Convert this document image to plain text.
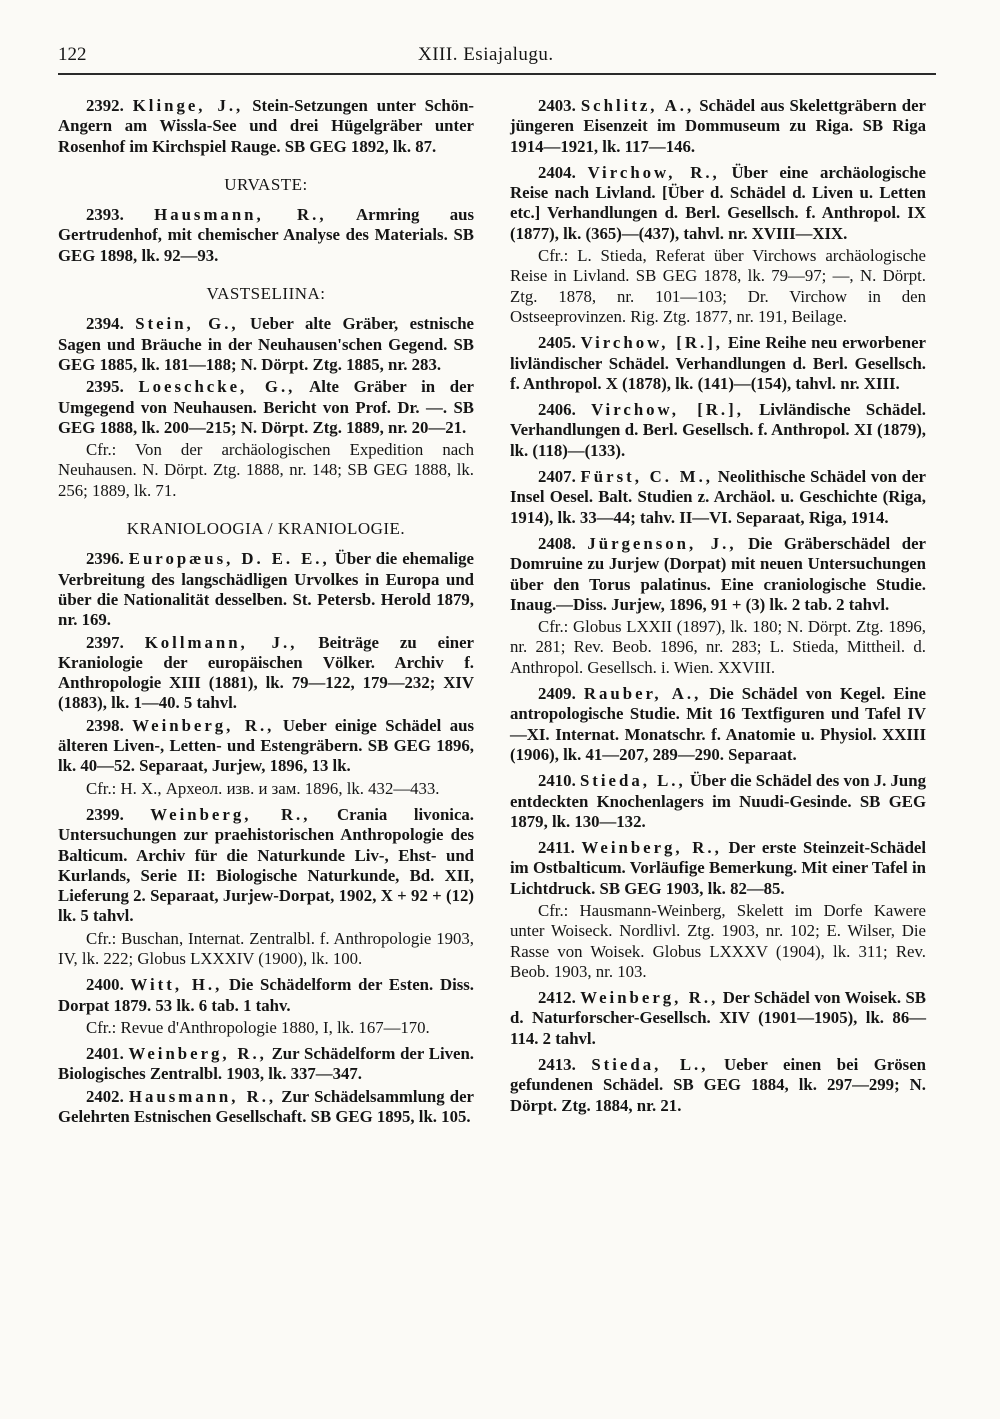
122	XIII. Esiajalugu.

2392. Klinge, J., Stein-Setzungen unter Schön-Angern am Wissla-See und drei Hügelgräber unter Rosenhof im Kirchspiel Rauge. SB GEG 1892, lk. 87.

URVASTE:

2393. Hausmann, R., Armring aus Gertrudenhof, mit chemischer Analyse des Materials. SB GEG 1898, lk. 92—93.

VASTSELIINA:

2394. Stein, G., Ueber alte Gräber, estnische Sagen und Bräuche in der Neuhausen'schen Gegend. SB GEG 1885, lk. 181—188; N. Dörpt. Ztg. 1885, nr. 283.

2395. Loeschcke, G., Alte Gräber in der Umgegend von Neuhausen. Bericht von Prof. Dr. —. SB GEG 1888, lk. 200—215; N. Dörpt. Ztg. 1889, nr. 20—21.

Cfr.: Von der archäologischen Expedition nach Neuhausen. N. Dörpt. Ztg. 1888, nr. 148; SB GEG 1888, lk. 256; 1889, lk. 71.

KRANIOLOOGIA / KRANIOLOGIE.

2396. Europæus, D. E. E., Über die ehemalige Verbreitung des langschädligen Urvolkes in Europa und über die Nationalität desselben. St. Petersb. Herold 1879, nr. 169.

2397. Kollmann, J., Beiträge zu einer Kraniologie der europäischen Völker. Archiv f. Anthropologie XIII (1881), lk. 79—122, 179—232; XIV (1883), lk. 1—40. 5 tahvl.

2398. Weinberg, R., Ueber einige Schädel aus älteren Liven-, Letten- und Estengräbern. SB GEG 1896, lk. 40—52. Separaat, Jurjew, 1896, 13 lk.

Cfr.: H. X., Археол. изв. и зам. 1896, lk. 432—433.

2399. Weinberg, R., Crania livonica. Untersuchungen zur praehistorischen Anthropologie des Balticum. Archiv für die Naturkunde Liv-, Ehst- und Kurlands, Serie II: Biologische Naturkunde, Bd. XII, Lieferung 2. Separaat, Jurjew-Dorpat, 1902, X + 92 + (12) lk. 5 tahvl.

Cfr.: Buschan, Internat. Zentralbl. f. Anthropologie 1903, IV, lk. 222; Globus LXXXIV (1900), lk. 100.

2400. Witt, H., Die Schädelform der Esten. Diss. Dorpat 1879. 53 lk. 6 tab. 1 tahv.

Cfr.: Revue d'Anthropologie 1880, I, lk. 167—170.

2401. Weinberg, R., Zur Schädelform der Liven. Biologisches Zentralbl. 1903, lk. 337—347.

2402. Hausmann, R., Zur Schädelsammlung der Gelehrten Estnischen Gesellschaft. SB GEG 1895, lk. 105.

2403. Schlitz, A., Schädel aus Skelettgräbern der jüngeren Eisenzeit im Dommuseum zu Riga. SB Riga 1914—1921, lk. 117—146.

2404. Virchow, R., Über eine archäologische Reise nach Livland. [Über d. Schädel d. Liven u. Letten etc.] Verhandlungen d. Berl. Gesellsch. f. Anthropol. IX (1877), lk. (365)—(437), tahvl. nr. XVIII—XIX.

Cfr.: L. Stieda, Referat über Virchows archäologische Reise in Livland. SB GEG 1878, lk. 79—97; —, N. Dörpt. Ztg. 1878, nr. 101—103; Dr. Virchow in den Ostseeprovinzen. Rig. Ztg. 1877, nr. 191, Beilage.

2405. Virchow, [R.], Eine Reihe neu erworbener livländischer Schädel. Verhandlungen d. Berl. Gesellsch. f. Anthropol. X (1878), lk. (141)—(154), tahvl. nr. XIII.

2406. Virchow, [R.], Livländische Schädel. Verhandlungen d. Berl. Gesellsch. f. Anthropol. XI (1879), lk. (118)—(133).

2407. Fürst, C. M., Neolithische Schädel von der Insel Oesel. Balt. Studien z. Archäol. u. Geschichte (Riga, 1914), lk. 33—44; tahv. II—VI. Separaat, Riga, 1914.

2408. Jürgenson, J., Die Gräberschädel der Domruine zu Jurjew (Dorpat) mit neuen Untersuchungen über den Torus palatinus. Eine craniologische Studie. Inaug.—Diss. Jurjew, 1896, 91 + (3) lk. 2 tab. 2 tahvl.

Cfr.: Globus LXXII (1897), lk. 180; N. Dörpt. Ztg. 1896, nr. 281; Rev. Beob. 1896, nr. 283; L. Stieda, Mittheil. d. Anthropol. Gesellsch. i. Wien. XXVIII.

2409. Rauber, A., Die Schädel von Kegel. Eine antropologische Studie. Mit 16 Textfiguren und Tafel IV—XI. Internat. Monatschr. f. Anatomie u. Physiol. XXIII (1906), lk. 41—207, 289—290. Separaat.

2410. Stieda, L., Über die Schädel des von J. Jung entdeckten Knochenlagers im Nuudi-Gesinde. SB GEG 1879, lk. 130—132.

2411. Weinberg, R., Der erste Steinzeit-Schädel im Ostbalticum. Vorläufige Bemerkung. Mit einer Tafel in Lichtdruck. SB GEG 1903, lk. 82—85.

Cfr.: Hausmann-Weinberg, Skelett im Dorfe Kawere unter Woiseck. Nordlivl. Ztg. 1903, nr. 102; E. Wilser, Die Rasse von Woisek. Globus LXXXV (1904), lk. 311; Rev. Beob. 1903, nr. 103.

2412. Weinberg, R., Der Schädel von Woisek. SB d. Naturforscher-Gesellsch. XIV (1901—1905), lk. 86—114. 2 tahvl.

2413. Stieda, L., Ueber einen bei Grösen gefundenen Schädel. SB GEG 1884, lk. 297—299; N. Dörpt. Ztg. 1884, nr. 21.
